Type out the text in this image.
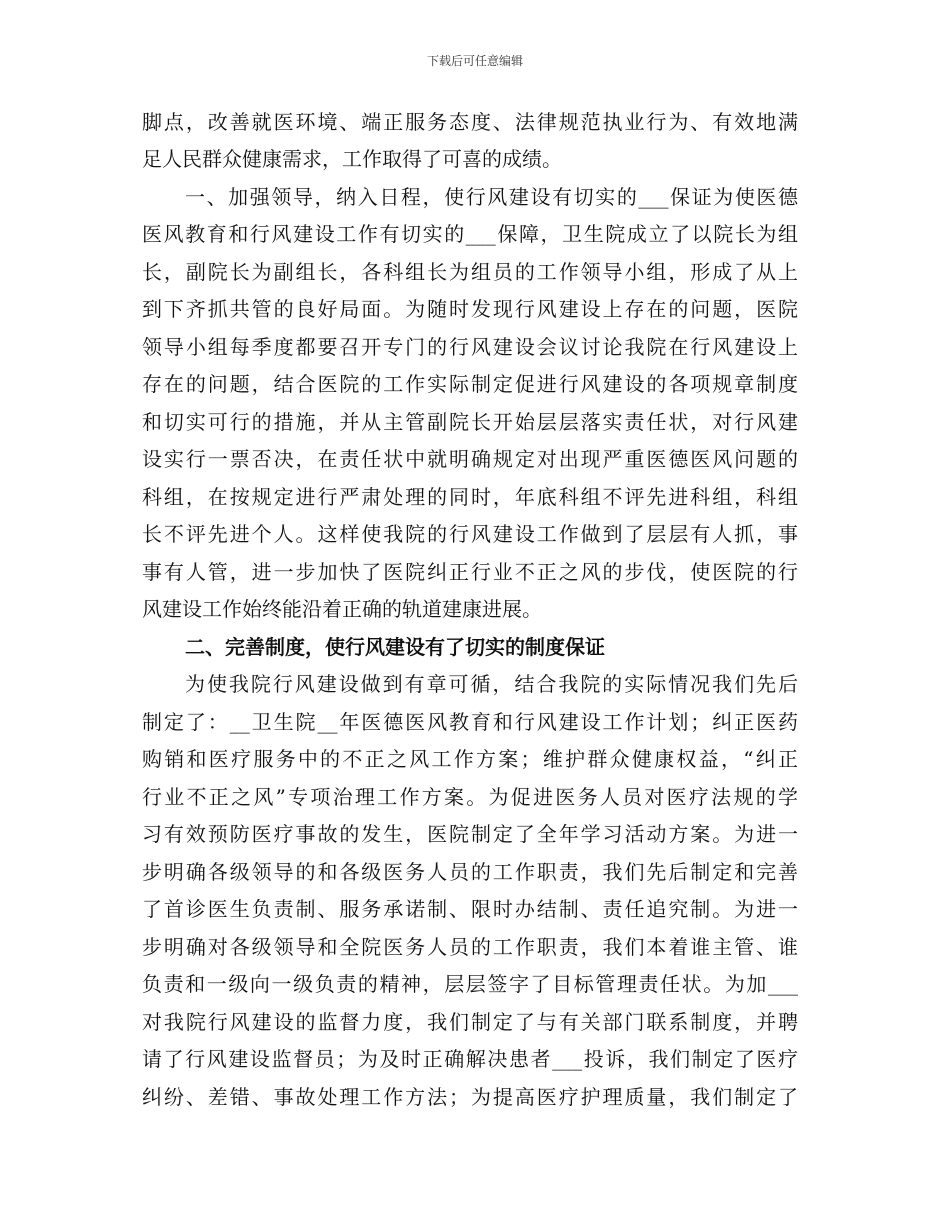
下载后可任意编辑
脚点，改善就医环境、端正服务态度、法律规范执业行为、有效地满
足人民群众健康需求，工作取得了可喜的成绩。
一、加强领导，纳入日程，使行风建设有切实的___保证为使医德
医风教育和行风建设工作有切实的___保障，卫生院成立了以院长为组
长，副院长为副组长，各科组长为组员的工作领导小组，形成了从上
到下齐抓共管的良好局面。为随时发现行风建设上存在的问题，医院
领导小组每季度都要召开专门的行风建设会议讨论我院在行风建设上
存在的问题，结合医院的工作实际制定促进行风建设的各项规章制度
和切实可行的措施，并从主管副院长开始层层落实责任状，对行风建
设实行一票否决，在责任状中就明确规定对出现严重医德医风问题的
科组，在按规定进行严肃处理的同时，年底科组不评先进科组，科组
长不评先进个人。这样使我院的行风建设工作做到了层层有人抓，事
事有人管，进一步加快了医院纠正行业不正之风的步伐，使医院的行
风建设工作始终能沿着正确的轨道建康进展。
二、完善制度，使行风建设有了切实的制度保证
为使我院行风建设做到有章可循，结合我院的实际情况我们先后
制定了：__卫生院__年医德医风教育和行风建设工作计划；纠正医药
购销和医疗服务中的不正之风工作方案；维护群众健康权益，“纠正
行业不正之风”专项治理工作方案。为促进医务人员对医疗法规的学
习有效预防医疗事故的发生，医院制定了全年学习活动方案。为进一
步明确各级领导的和各级医务人员的工作职责，我们先后制定和完善
了首诊医生负责制、服务承诺制、限时办结制、责任追究制。为进一
步明确对各级领导和全院医务人员的工作职责，我们本着谁主管、谁
负责和一级向一级负责的精神，层层签字了目标管理责任状。为加___
对我院行风建设的监督力度，我们制定了与有关部门联系制度，并聘
请了行风建设监督员；为及时正确解决患者___投诉，我们制定了医疗
纠纷、差错、事故处理工作方法；为提高医疗护理质量，我们制定了
